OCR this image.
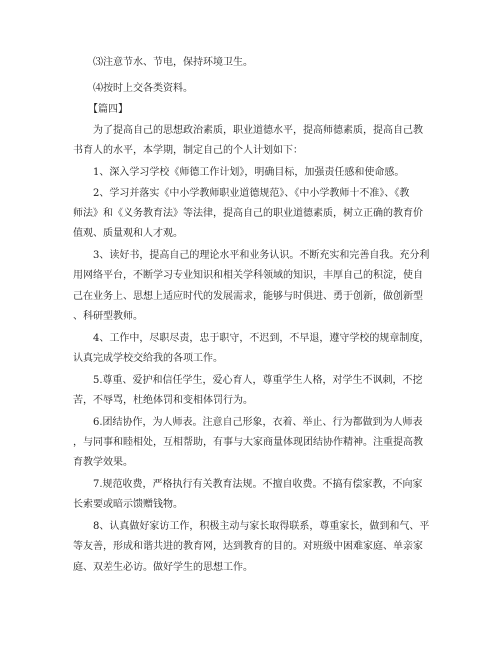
⑶注意节水、节电，保持环境卫生。
⑷按时上交各类资料。
【篇四】
为了提高自己的思想政治素质，职业道德水平，提高师德素质，提高自己教
书育人的水平，本学期，制定自己的个人计划如下：
1、深入学习学校《师德工作计划》，明确目标，加强责任感和使命感。
2、学习并落实《中小学教师职业道德规范》、《中小学教师十不准》、《教
师法》和《义务教育法》等法律，提高自己的职业道德素质，树立正确的教育价
值观、质量观和人才观。
3、读好书，提高自己的理论水平和业务认识。不断充实和完善自我。充分利
用网络平台，不断学习专业知识和相关学科领域的知识，丰厚自己的积淀，使自
己在业务上、思想上适应时代的发展需求，能够与时俱进、勇于创新，做创新型
、科研型教师。
4、工作中，尽职尽责，忠于职守，不迟到，不早退，遵守学校的规章制度，
认真完成学校交给我的各项工作。
5.尊重、爱护和信任学生，爱心育人，尊重学生人格，对学生不讽刺，不挖
苦，不辱骂，杜绝体罚和变相体罚行为。
6.团结协作，为人师表。注意自己形象，衣着、举止、行为都做到为人师表
，与同事和睦相处，互相帮助，有事与大家商量体现团结协作精神。注重提高教
育教学效果。
7.规范收费，严格执行有关教育法规。不擅自收费。不搞有偿家教，不向家
长索要或暗示馈赠钱物。
8、认真做好家访工作，积极主动与家长取得联系，尊重家长，做到和气、平
等友善，形成和谐共进的教育网，达到教育的目的。对班级中困难家庭、单亲家
庭、双差生必访。做好学生的思想工作。
